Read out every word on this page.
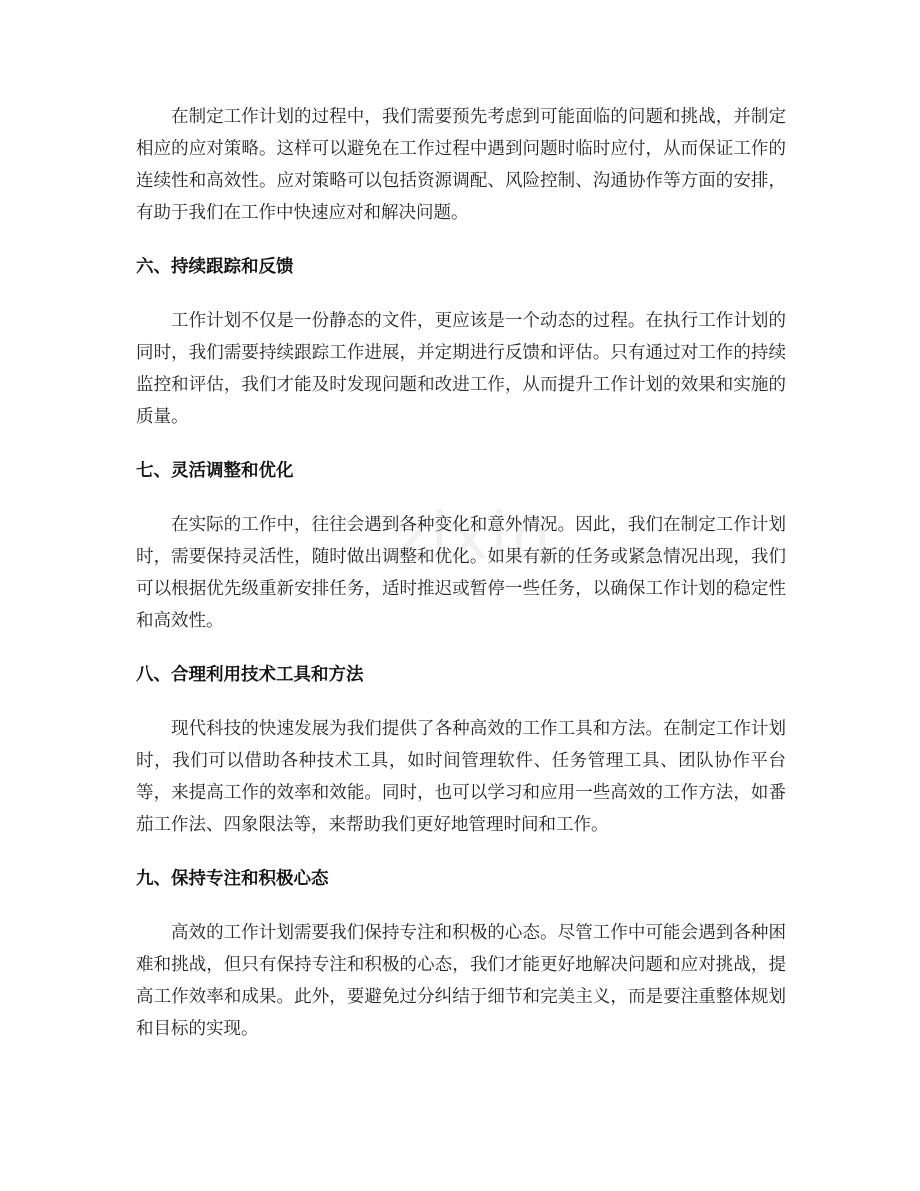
zixin

在制定工作计划的过程中，我们需要预先考虑到可能面临的问题和挑战，并制定相应的应对策略。这样可以避免在工作过程中遇到问题时临时应付，从而保证工作的连续性和高效性。应对策略可以包括资源调配、风险控制、沟通协作等方面的安排，有助于我们在工作中快速应对和解决问题。

六、持续跟踪和反馈

工作计划不仅是一份静态的文件，更应该是一个动态的过程。在执行工作计划的同时，我们需要持续跟踪工作进展，并定期进行反馈和评估。只有通过对工作的持续监控和评估，我们才能及时发现问题和改进工作，从而提升工作计划的效果和实施的质量。

七、灵活调整和优化

在实际的工作中，往往会遇到各种变化和意外情况。因此，我们在制定工作计划时，需要保持灵活性，随时做出调整和优化。如果有新的任务或紧急情况出现，我们可以根据优先级重新安排任务，适时推迟或暂停一些任务，以确保工作计划的稳定性和高效性。

八、合理利用技术工具和方法

现代科技的快速发展为我们提供了各种高效的工作工具和方法。在制定工作计划时，我们可以借助各种技术工具，如时间管理软件、任务管理工具、团队协作平台等，来提高工作的效率和效能。同时，也可以学习和应用一些高效的工作方法，如番茄工作法、四象限法等，来帮助我们更好地管理时间和工作。

九、保持专注和积极心态

高效的工作计划需要我们保持专注和积极的心态。尽管工作中可能会遇到各种困难和挑战，但只有保持专注和积极的心态，我们才能更好地解决问题和应对挑战，提高工作效率和成果。此外，要避免过分纠结于细节和完美主义，而是要注重整体规划和目标的实现。
